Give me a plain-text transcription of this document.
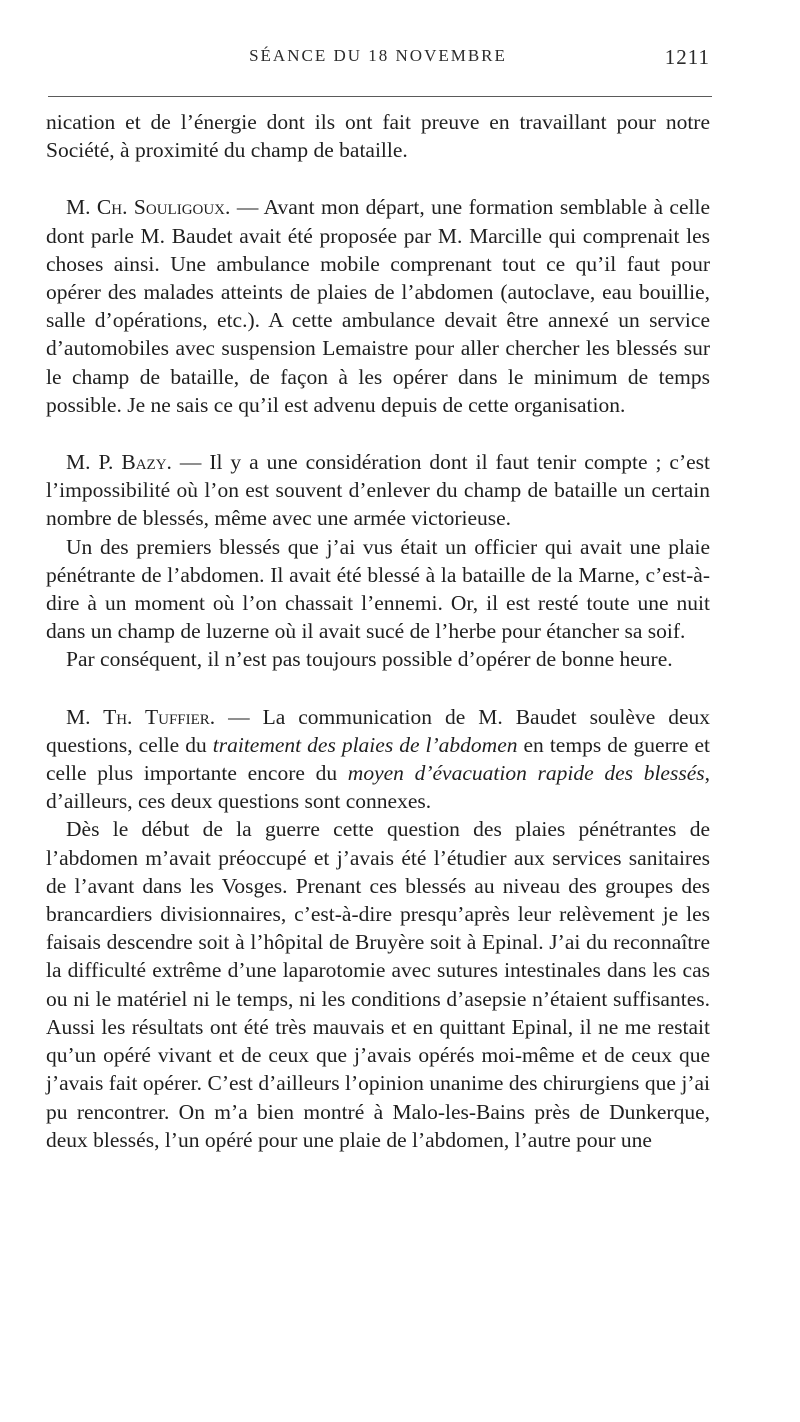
SÉANCE DU 18 NOVEMBRE	1211

nication et de l’énergie dont ils ont fait preuve en travaillant pour notre Société, à proximité du champ de bataille.

M. Ch. Souligoux. — Avant mon départ, une formation semblable à celle dont parle M. Baudet avait été proposée par M. Marcille qui comprenait les choses ainsi. Une ambulance mobile comprenant tout ce qu’il faut pour opérer des malades atteints de plaies de l’abdomen (autoclave, eau bouillie, salle d’opérations, etc.). A cette ambulance devait être annexé un service d’automobiles avec suspension Lemaistre pour aller chercher les blessés sur le champ de bataille, de façon à les opérer dans le minimum de temps possible. Je ne sais ce qu’il est advenu depuis de cette organisation.

M. P. Bazy. — Il y a une considération dont il faut tenir compte ; c’est l’impossibilité où l’on est souvent d’enlever du champ de bataille un certain nombre de blessés, même avec une armée victorieuse.

Un des premiers blessés que j’ai vus était un officier qui avait une plaie pénétrante de l’abdomen. Il avait été blessé à la bataille de la Marne, c’est-à-dire à un moment où l’on chassait l’ennemi. Or, il est resté toute une nuit dans un champ de luzerne où il avait sucé de l’herbe pour étancher sa soif.

Par conséquent, il n’est pas toujours possible d’opérer de bonne heure.

M. Th. Tuffier. — La communication de M. Baudet soulève deux questions, celle du traitement des plaies de l’abdomen en temps de guerre et celle plus importante encore du moyen d’évacuation rapide des blessés, d’ailleurs, ces deux questions sont connexes.

Dès le début de la guerre cette question des plaies pénétrantes de l’abdomen m’avait préoccupé et j’avais été l’étudier aux services sanitaires de l’avant dans les Vosges. Prenant ces blessés au niveau des groupes des brancardiers divisionnaires, c’est-à-dire presqu’après leur relèvement je les faisais descendre soit à l’hôpital de Bruyère soit à Epinal. J’ai du reconnaître la difficulté extrême d’une laparotomie avec sutures intestinales dans les cas ou ni le matériel ni le temps, ni les conditions d’asepsie n’étaient suffisantes. Aussi les résultats ont été très mauvais et en quittant Epinal, il ne me restait qu’un opéré vivant et de ceux que j’avais opérés moi-même et de ceux que j’avais fait opérer. C’est d’ailleurs l’opinion unanime des chirurgiens que j’ai pu rencontrer. On m’a bien montré à Malo-les-Bains près de Dunkerque, deux blessés, l’un opéré pour une plaie de l’abdomen, l’autre pour une
